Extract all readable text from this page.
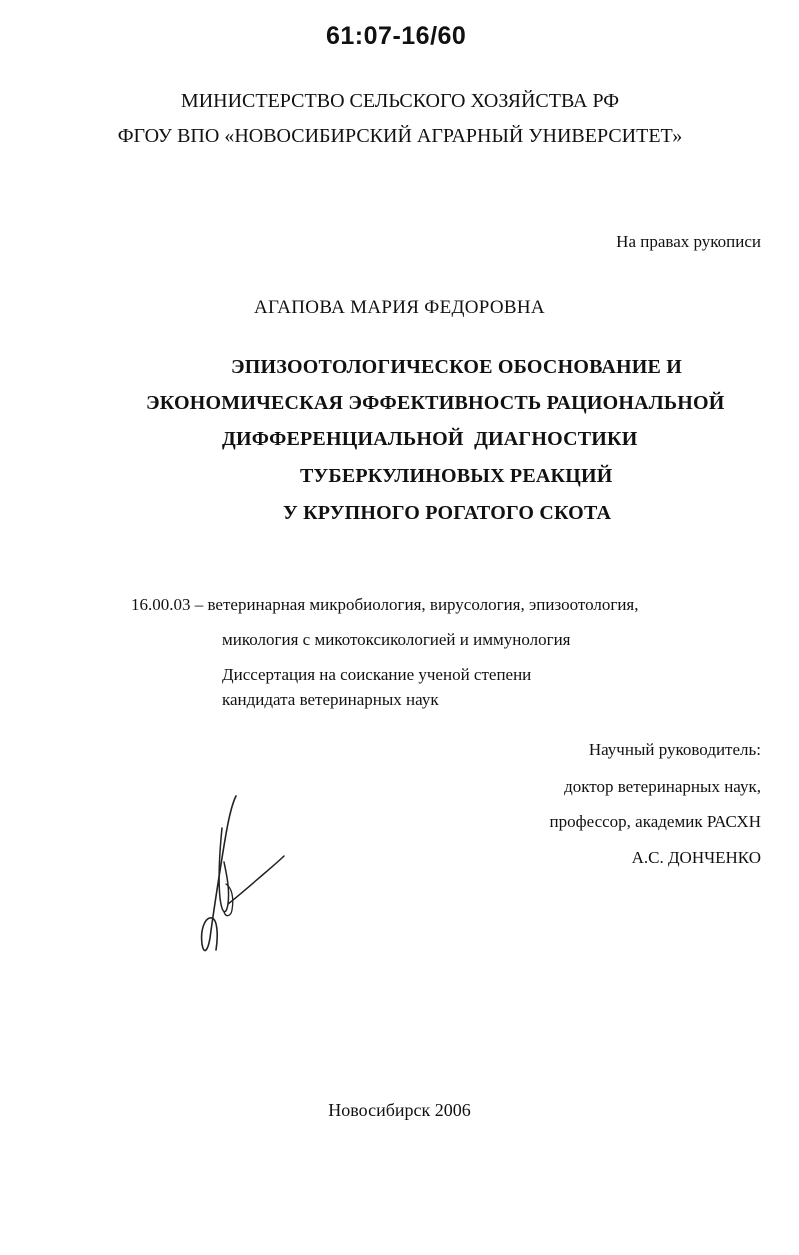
61:07-16/60
МИНИСТЕРСТВО СЕЛЬСКОГО ХОЗЯЙСТВА РФ
ФГОУ ВПО «НОВОСИБИРСКИЙ АГРАРНЫЙ УНИВЕРСИТЕТ»
На правах рукописи
АГАПОВА МАРИЯ ФЕДОРОВНА
ЭПИЗООТОЛОГИЧЕСКОЕ ОБОСНОВАНИЕ И
ЭКОНОМИЧЕСКАЯ ЭФФЕКТИВНОСТЬ РАЦИОНАЛЬНОЙ
ДИФФЕРЕНЦИАЛЬНОЙ  ДИАГНОСТИКИ
ТУБЕРКУЛИНОВЫХ РЕАКЦИЙ
У КРУПНОГО РОГАТОГО СКОТА
16.00.03 – ветеринарная микробиология, вирусология, эпизоотология,
микология с микотоксикологией и иммунология
Диссертация на соискание ученой степени
кандидата ветеринарных наук
Научный руководитель:
доктор ветеринарных наук,
профессор, академик РАСХН
А.С. ДОНЧЕНКО
Новосибирск 2006
